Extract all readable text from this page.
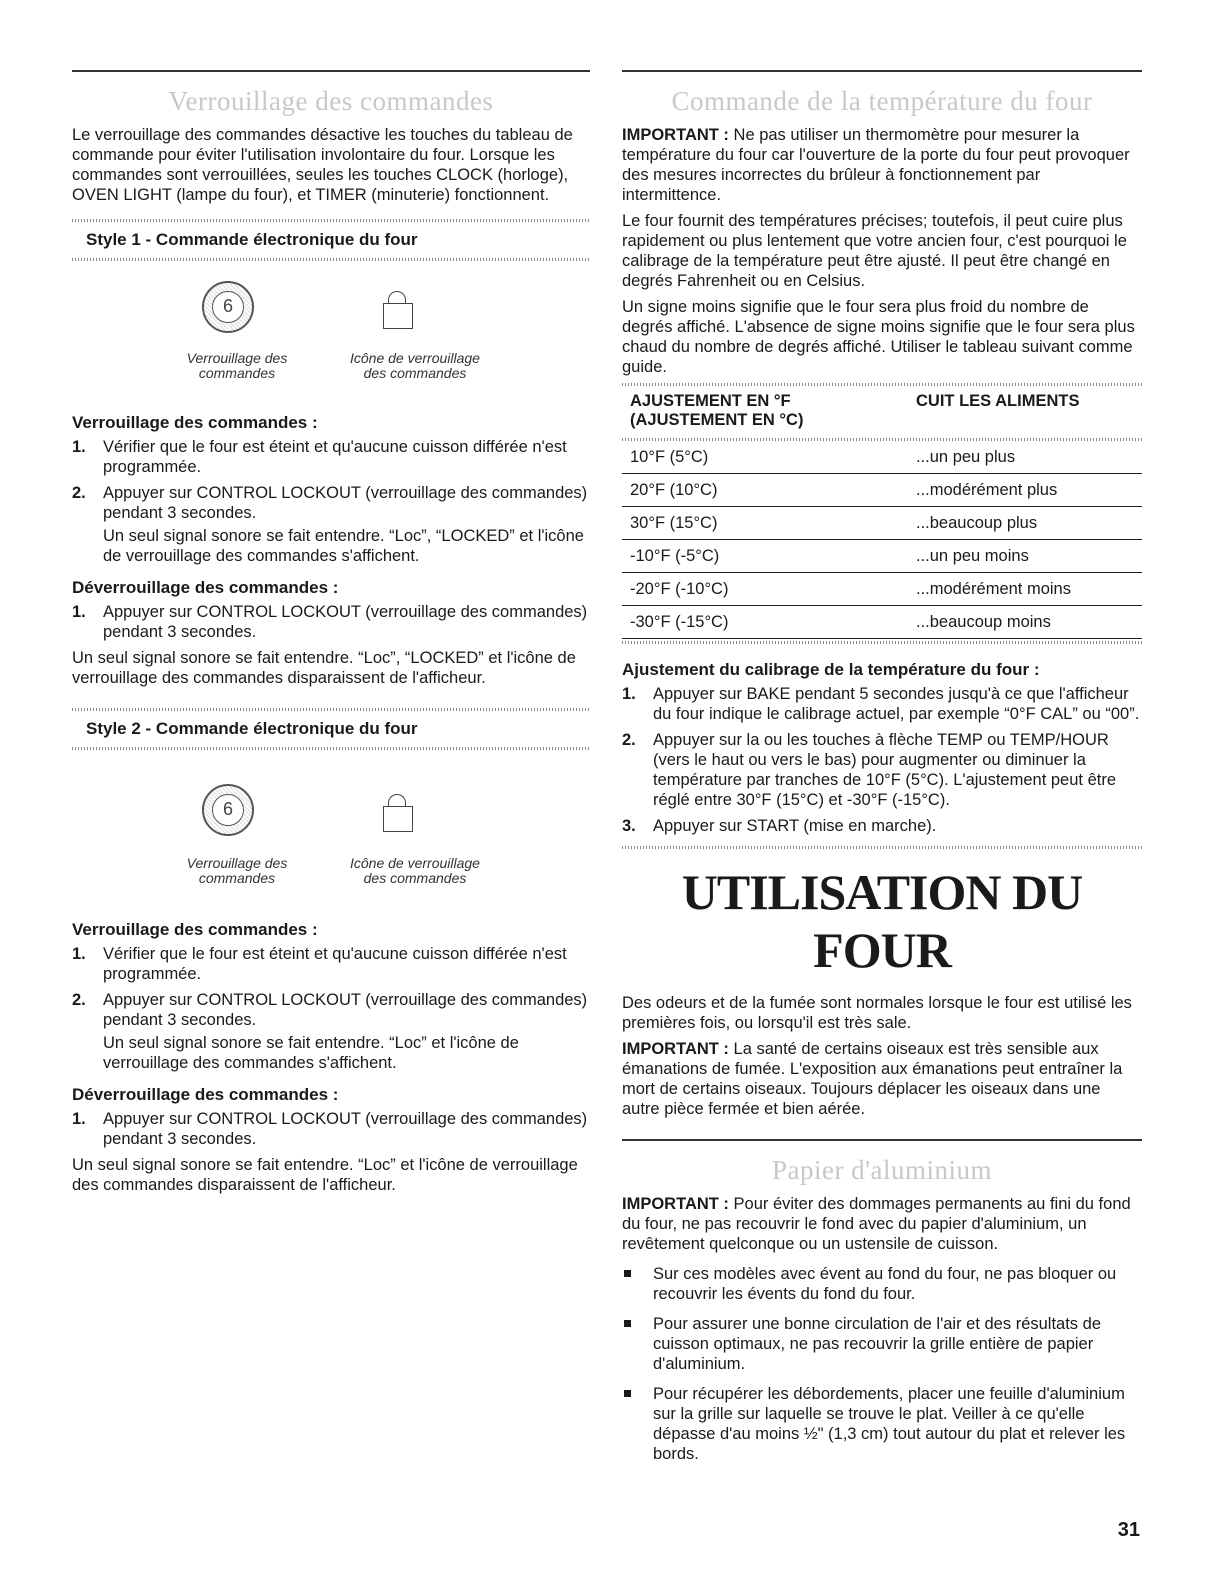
Verrouillage des commandes

Le verrouillage des commandes désactive les touches du tableau de commande pour éviter l'utilisation involontaire du four. Lorsque les commandes sont verrouillées, seules les touches CLOCK (horloge), OVEN LIGHT (lampe du four), et TIMER (minuterie) fonctionnent.

Style 1 - Commande électronique du four
6
Verrouillage des
commandes
Icône de verrouillage
des commandes
Verrouillage des commandes :
1. Vérifier que le four est éteint et qu'aucune cuisson différée n'est programmée.
2. Appuyer sur CONTROL LOCKOUT (verrouillage des commandes) pendant 3 secondes.
Un seul signal sonore se fait entendre. “Loc”, “LOCKED” et l'icône de verrouillage des commandes s'affichent.
Déverrouillage des commandes :
1. Appuyer sur CONTROL LOCKOUT (verrouillage des commandes) pendant 3 secondes.

Un seul signal sonore se fait entendre. “Loc”, “LOCKED” et l'icône de verrouillage des commandes disparaissent de l'afficheur.

Style 2 - Commande électronique du four
6
Verrouillage des
commandes
Icône de verrouillage
des commandes
Verrouillage des commandes :
1. Vérifier que le four est éteint et qu'aucune cuisson différée n'est programmée.
2. Appuyer sur CONTROL LOCKOUT (verrouillage des commandes) pendant 3 secondes.
Un seul signal sonore se fait entendre. “Loc” et l'icône de verrouillage des commandes s'affichent.
Déverrouillage des commandes :
1. Appuyer sur CONTROL LOCKOUT (verrouillage des commandes) pendant 3 secondes.

Un seul signal sonore se fait entendre. “Loc” et l'icône de verrouillage des commandes disparaissent de l'afficheur.

Commande de la température du four

IMPORTANT : Ne pas utiliser un thermomètre pour mesurer la température du four car l'ouverture de la porte du four peut provoquer des mesures incorrectes du brûleur à fonctionnement par intermittence.

Le four fournit des températures précises; toutefois, il peut cuire plus rapidement ou plus lentement que votre ancien four, c'est pourquoi le calibrage de la température peut être ajusté. Il peut être changé en degrés Fahrenheit ou en Celsius.

Un signe moins signifie que le four sera plus froid du nombre de degrés affiché. L'absence de signe moins signifie que le four sera plus chaud du nombre de degrés affiché. Utiliser le tableau suivant comme guide.

AJUSTEMENT EN °F
(AJUSTEMENT EN °C)	CUIT LES ALIMENTS

10°F (5°C)	...un peu plus
20°F (10°C)	...modérément plus
30°F (15°C)	...beaucoup plus
-10°F (-5°C)	...un peu moins
-20°F (-10°C)	...modérément moins
-30°F (-15°C)	...beaucoup moins
Ajustement du calibrage de la température du four :
1. Appuyer sur BAKE pendant 5 secondes jusqu'à ce que l'afficheur du four indique le calibrage actuel, par exemple “0°F CAL” ou “00”.
2. Appuyer sur la ou les touches à flèche TEMP ou TEMP/HOUR (vers le haut ou vers le bas) pour augmenter ou diminuer la température par tranches de 10°F (5°C). L'ajustement peut être réglé entre 30°F (15°C) et -30°F (-15°C).
3. Appuyer sur START (mise en marche).
UTILISATION DU FOUR

Des odeurs et de la fumée sont normales lorsque le four est utilisé les premières fois, ou lorsqu'il est très sale.

IMPORTANT : La santé de certains oiseaux est très sensible aux émanations de fumée. L'exposition aux émanations peut entraîner la mort de certains oiseaux. Toujours déplacer les oiseaux dans une autre pièce fermée et bien aérée.

Papier d'aluminium

IMPORTANT : Pour éviter des dommages permanents au fini du fond du four, ne pas recouvrir le fond avec du papier d'aluminium, un revêtement quelconque ou un ustensile de cuisson.

Sur ces modèles avec évent au fond du four, ne pas bloquer ou recouvrir les évents du fond du four.
Pour assurer une bonne circulation de l'air et des résultats de cuisson optimaux, ne pas recouvrir la grille entière de papier d'aluminium.
Pour récupérer les débordements, placer une feuille d'aluminium sur la grille sur laquelle se trouve le plat. Veiller à ce qu'elle dépasse d'au moins ½" (1,3 cm) tout autour du plat et relever les bords.
31
